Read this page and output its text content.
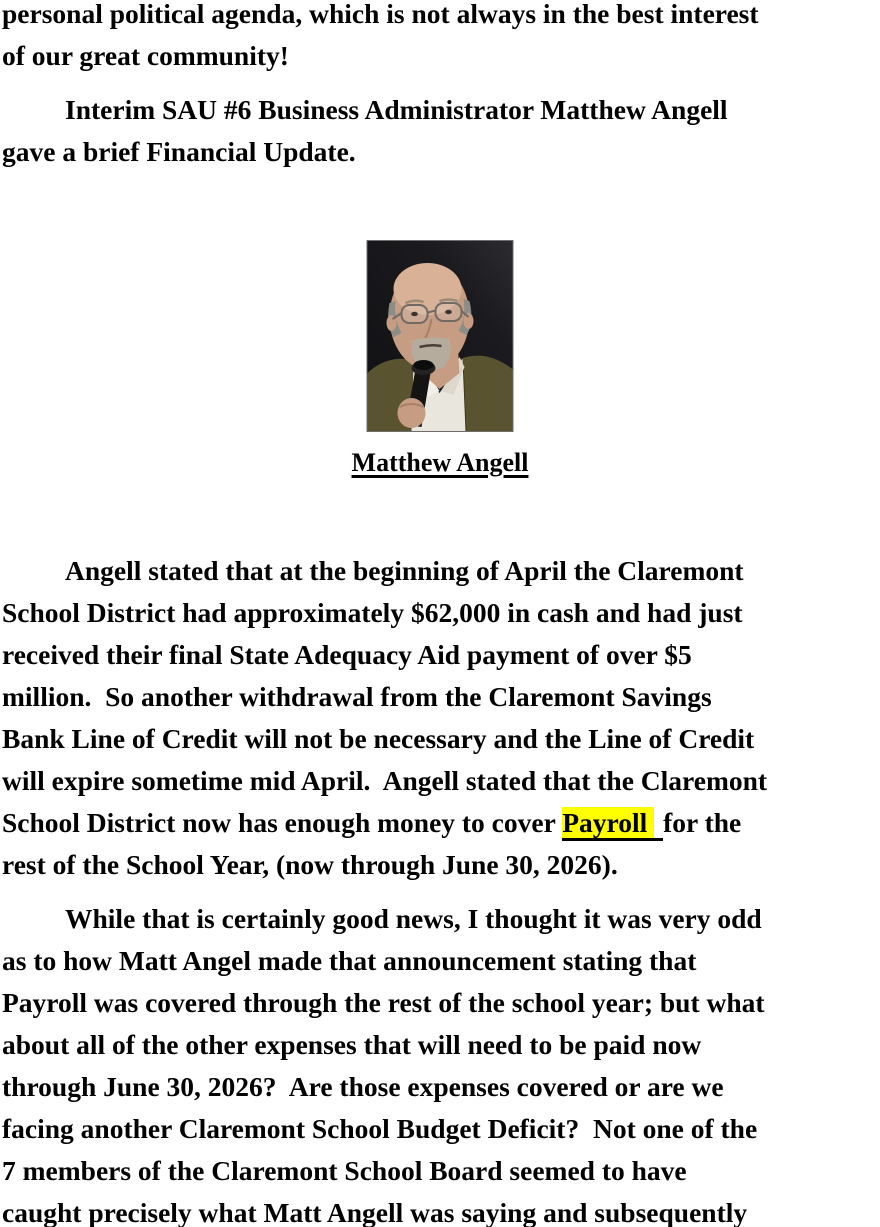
personal political agenda, which is not always in the best interest
of our great community!
Interim SAU #6 Business Administrator Matthew Angell
gave a brief Financial Update.
Matthew Angell
Angell stated that at the beginning of April the Claremont
School District had approximately $62,000 in cash and had just
received their final State Adequacy Aid payment of over $5
million.  So another withdrawal from the Claremont Savings
Bank Line of Credit will not be necessary and the Line of Credit
will expire sometime mid April.  Angell stated that the Claremont
School District now has enough money to cover Payroll for the
rest of the School Year, (now through June 30, 2026).
While that is certainly good news, I thought it was very odd
as to how Matt Angel made that announcement stating that
Payroll was covered through the rest of the school year; but what
about all of the other expenses that will need to be paid now
through June 30, 2026?  Are those expenses covered or are we
facing another Claremont School Budget Deficit?  Not one of the
7 members of the Claremont School Board seemed to have
caught precisely what Matt Angell was saying and subsequently
